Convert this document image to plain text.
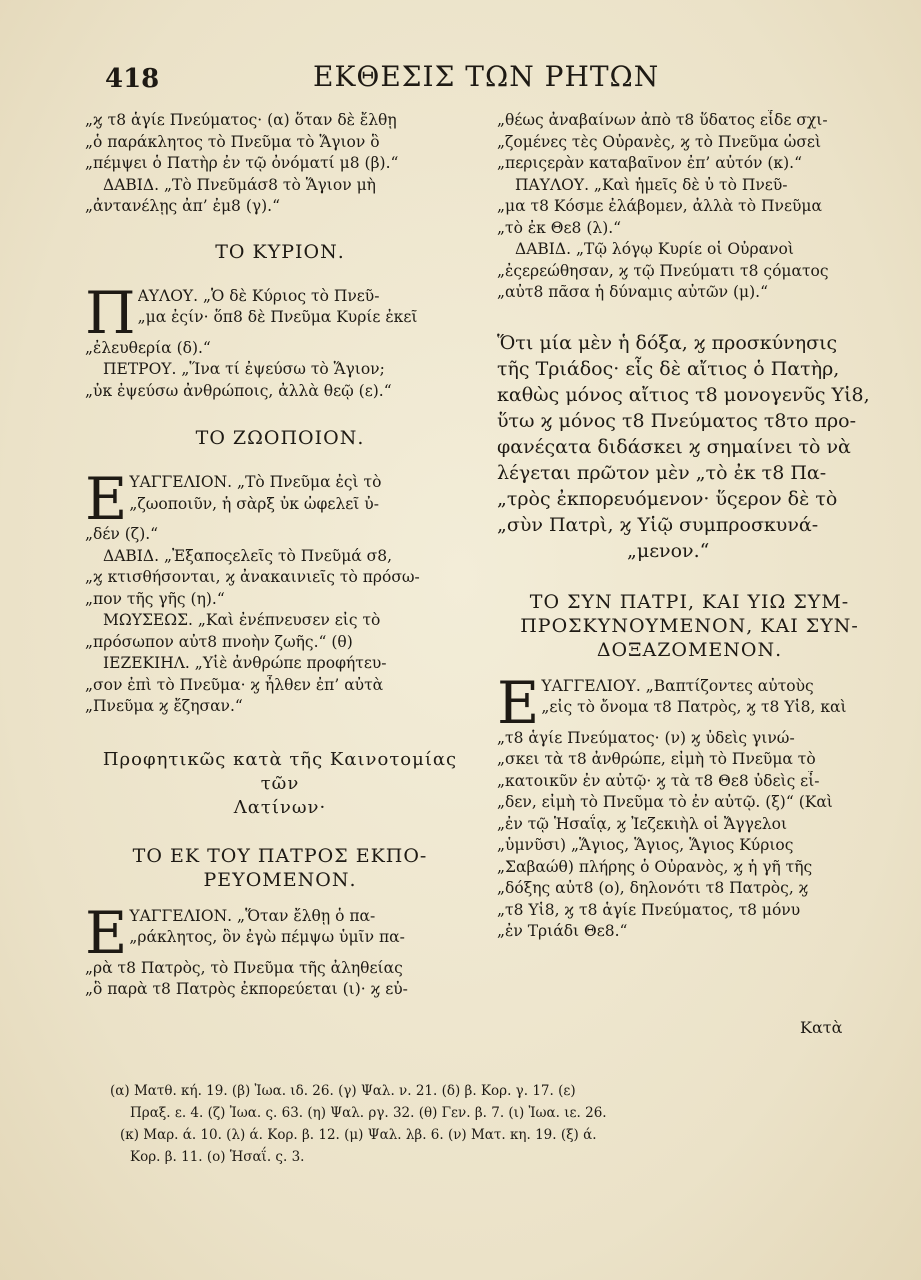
418	ΕΚΘΕΣΙΣ ΤΩΝ ΡΗΤΩΝ
„ϗ τ8 ἁγίε Πνεύματος· (α) ὅταν δὲ ἔλθῃ
„ὁ παράκλητος τὸ Πνεῦμα τὸ Ἅγιον ὃ
„πέμψει ὁ Πατὴρ ἐν τῷ ὀνόματί μ8 (β).“
ΔΑΒΙΔ. „Τὸ Πνεῦμάσ8 τὸ Ἅγιον μὴ
„ἀντανέλῃς ἀπ’ ἐμ8 (γ).“
ΤΟ ΚΥΡΙΟΝ.
Π ΑΥΛΟΥ. „Ὁ δὲ Κύριος τὸ Πνεῦ-
„μα ἐςίν· ὅπ8 δὲ Πνεῦμα Κυρίε ἐκεῖ
„ἐλευθερία (δ).“
ΠΕΤΡΟΥ. „Ἵνα τί ἐψεύσω τὸ Ἅγιον;
„ὐκ ἐψεύσω ἀνθρώποις, ἀλλὰ θεῷ (ε).“
ΤΟ ΖΩΟΠΟΙΟΝ.
Ε ΥΑΓΓΕΛΙΟΝ. „Τὸ Πνεῦμα ἐςὶ τὸ
„ζωοποιῦν, ἡ σὰρξ ὐκ ὠφελεῖ ὐ-
„δέν (ζ).“
ΔΑΒΙΔ. „Ἐξαποςελεῖς τὸ Πνεῦμά σ8,
„ϗ κτισθήσονται, ϗ ἀνακαινιεῖς τὸ πρόσω-
„πον τῆς γῆς (η).“
ΜΩΥΣΕΩΣ. „Καὶ ἐνέπνευσεν εἰς τὸ
„πρόσωπον αὐτ8 πνοὴν ζωῆς.“ (θ)
ΙΕΖΕΚΙΗΛ. „Υἱὲ ἀνθρώπε προφήτευ-
„σον ἐπὶ τὸ Πνεῦμα· ϗ ἦλθεν ἐπ’ αὐτὰ
„Πνεῦμα ϗ ἔζησαν.“
Προφητικῶς κατὰ τῆς Καινοτομίας τῶν
Λατίνων·
ΤΟ ΕΚ ΤΟΥ ΠΑΤΡΟΣ ΕΚΠΟ-
ΡΕΥΟΜΕΝΟΝ.
Ε ΥΑΓΓΕΛΙΟΝ. „Ὅταν ἔλθῃ ὁ πα-
„ράκλητος, ὃν ἐγὼ πέμψω ὑμῖν πα-
„ρὰ τ8 Πατρὸς, τὸ Πνεῦμα τῆς ἀληθείας
„ὃ παρὰ τ8 Πατρὸς ἐκπορεύεται (ι)· ϗ εὐ-
„θέως ἀναβαίνων ἀπὸ τ8 ὕδατος εἶδε σχι-
„ζομένες τὲς Οὐρανὲς, ϗ τὸ Πνεῦμα ὡσεὶ
„περιςερὰν καταβαῖνον ἐπ’ αὐτόν (κ).“
ΠΑΥΛΟΥ. „Καὶ ἡμεῖς δὲ ὐ τὸ Πνεῦ-
„μα τ8 Κόσμε ἐλάβομεν, ἀλλὰ τὸ Πνεῦμα
„τὸ ἐκ Θε8 (λ).“
ΔΑΒΙΔ. „Τῷ λόγῳ Κυρίε οἱ Οὐρανοὶ
„ἐςερεώθησαν, ϗ τῷ Πνεύματι τ8 ςόματος
„αὐτ8 πᾶσα ἡ δύναμις αὐτῶν (μ).“
Ὅτι μία μὲν ἡ δόξα, ϗ προσκύνησις
τῆς Τριάδος· εἷς δὲ αἴτιος ὁ Πατὴρ,
καθὼς μόνος αἴτιος τ8 μονογενῦς Υἱ8,
ὕτω ϗ μόνος τ8 Πνεύματος τ8το προ-
φανέςατα διδάσκει ϗ σημαίνει τὸ νὰ
λέγεται πρῶτον μὲν „τὸ ἐκ τ8 Πα-
„τρὸς ἐκπορευόμενον· ὕςερον δὲ τὸ
„σὺν Πατρὶ, ϗ Υἱῷ συμπροσκυνά-
„μενον.“
ΤΟ ΣΥΝ ΠΑΤΡΙ, ΚΑΙ ΥΙΩ ΣΥΜ-
ΠΡΟΣΚΥΝΟΥΜΕΝΟΝ, ΚΑΙ ΣΥΝ-
ΔΟΞΑΖΟΜΕΝΟΝ.
Ε ΥΑΓΓΕΛΙΟΥ. „Βαπτίζοντες αὐτοὺς
„εἰς τὸ ὄνομα τ8 Πατρὸς, ϗ τ8 Υἱ8, καὶ
„τ8 ἁγίε Πνεύματος· (ν) ϗ ὐδεὶς γινώ-
„σκει τὰ τ8 ἀνθρώπε, εἰμὴ τὸ Πνεῦμα τὸ
„κατοικῦν ἐν αὐτῷ· ϗ τὰ τ8 Θε8 ὐδεὶς εἶ-
„δεν, εἰμὴ τὸ Πνεῦμα τὸ ἐν αὐτῷ. (ξ)“ (Καὶ
„ἐν τῷ Ἡσαΐᾳ, ϗ Ἰεζεκιὴλ οἱ Ἄγγελοι
„ὑμνῦσι) „Ἅγιος, Ἅγιος, Ἅγιος Κύριος
„Σαβαώθ) πλήρης ὁ Οὐρανὸς, ϗ ἡ γῆ τῆς
„δόξης αὐτ8 (ο), δηλονότι τ8 Πατρὸς, ϗ
„τ8 Υἱ8, ϗ τ8 ἁγίε Πνεύματος, τ8 μόνυ
„ἐν Τριάδι Θε8.“
Κατὰ
(α) Ματθ. κή. 19. (β) Ἰωα. ιδ. 26. (γ) Ψαλ. ν. 21. (δ) β. Κορ. γ. 17. (ε)
Πραξ. ε. 4. (ζ) Ἰωα. ς. 63. (η) Ψαλ. ργ. 32. (θ) Γεν. β. 7. (ι) Ἰωα. ιε. 26.
(κ) Μαρ. ά. 10. (λ) ά. Κορ. β. 12. (μ) Ψαλ. λβ. 6. (ν) Ματ. κη. 19. (ξ) ά.
Κορ. β. 11. (ο) Ἡσαΐ. ς. 3.
